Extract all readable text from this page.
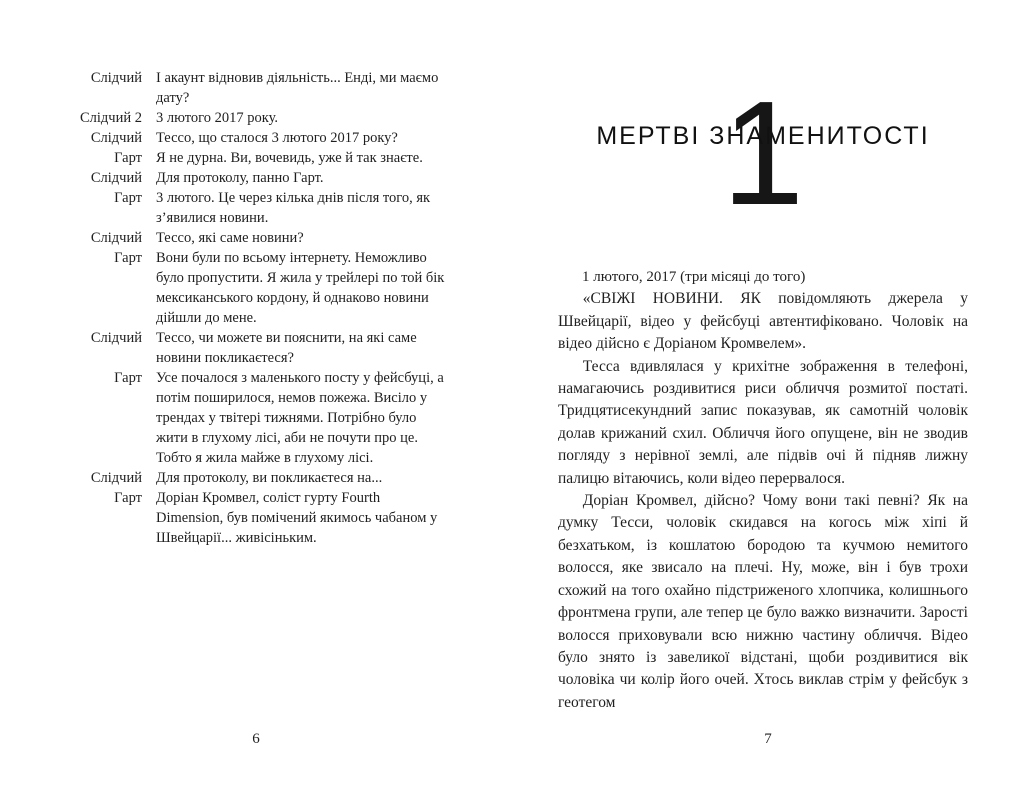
Слідчий І акаунт відновив діяльність... Енді, ми маємо дату?
Слідчий 2 3 лютого 2017 року.
Слідчий Тессо, що сталося 3 лютого 2017 року?
Гарт Я не дурна. Ви, вочевидь, уже й так знаєте.
Слідчий Для протоколу, панно Гарт.
Гарт 3 лютого. Це через кілька днів після того, як з’явилися новини.
Слідчий Тессо, які саме новини?
Гарт Вони були по всьому інтернету. Неможливо було пропустити. Я жила у трейлері по той бік мексиканського кордону, й однаково новини дійшли до мене.
Слідчий Тессо, чи можете ви пояснити, на які саме новини покликаєтеся?
Гарт Усе почалося з маленького посту у фейсбуці, а потім поширилося, немов пожежа. Висіло у трендах у твітері тижнями. Потрібно було жити в глухому лісі, аби не почути про це. Тобто я жила майже в глухому лісі.
Слідчий Для протоколу, ви покликаєтеся на...
Гарт Доріан Кромвел, соліст гурту Fourth Dimension, був помічений якимось чабаном у Швейцарії... живісіньким.
6
1
МЕРТВІ ЗНАМЕНИТОСТІ

1 лютого, 2017 (три місяці до того)

«СВІЖІ НОВИНИ. ЯК повідомляють джерела у Швейцарії, відео у фейсбуці автентифіковано. Чоловік на відео дійсно є Доріаном Кромвелем».

Тесса вдивлялася у крихітне зображення в телефоні, намагаючись роздивитися риси обличчя розмитої постаті. Тридцятисекундний запис показував, як самотній чоловік долав крижаний схил. Обличчя його опущене, він не зводив погляду з нерівної землі, але підвів очі й підняв лижну палицю вітаючись, коли відео перервалося.

Доріан Кромвел, дійсно? Чому вони такі певні? Як на думку Тесси, чоловік скидався на когось між хіпі й безхатьком, із кошлатою бородою та кучмою немитого волосся, яке звисало на плечі. Ну, може, він і був трохи схожий на того охайно підстриженого хлопчика, колишнього фронтмена групи, але тепер це було важко визначити. Зарості волосся приховували всю нижню частину обличчя. Відео було знято із завеликої відстані, щоби роздивитися вік чоловіка чи колір його очей. Хтось виклав стрім у фейсбук з геотегом

7
